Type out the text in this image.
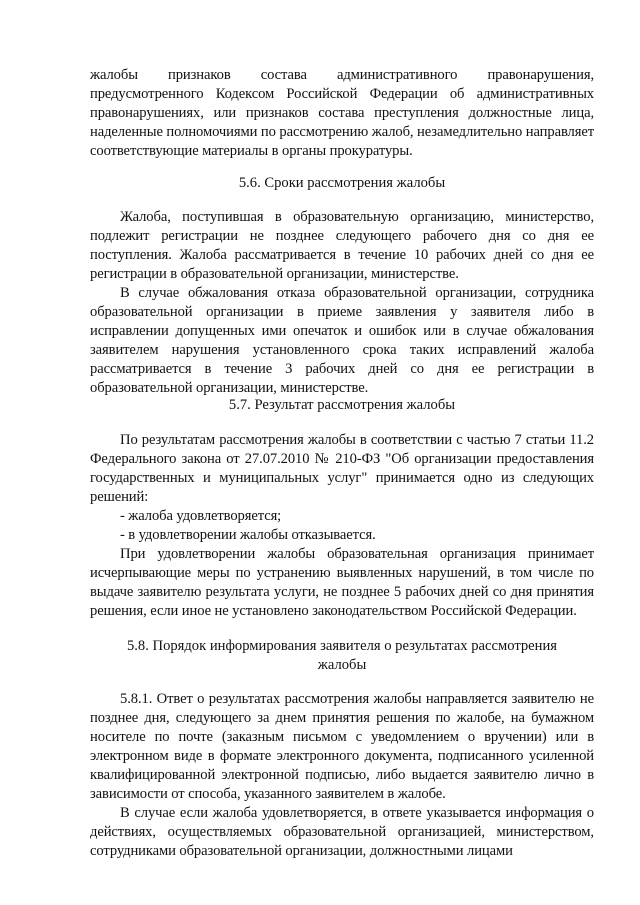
жалобы признаков состава административного правонарушения, предусмотренного Кодексом Российской Федерации об административных правонарушениях, или признаков состава преступления должностные лица, наделенные полномочиями по рассмотрению жалоб, незамедлительно направляет соответствующие материалы в органы прокуратуры.

5.6. Сроки рассмотрения жалобы

Жалоба, поступившая в образовательную организацию, министерство, подлежит регистрации не позднее следующего рабочего дня со дня ее поступления. Жалоба рассматривается в течение 10 рабочих дней со дня ее регистрации в образовательной организации, министерстве.

В случае обжалования отказа образовательной организации, сотрудника образовательной организации в приеме заявления у заявителя либо в исправлении допущенных ими опечаток и ошибок или в случае обжалования заявителем нарушения установленного срока таких исправлений жалоба рассматривается в течение 3 рабочих дней со дня ее регистрации в образовательной организации, министерстве.

5.7. Результат рассмотрения жалобы

По результатам рассмотрения жалобы в соответствии с частью 7 статьи 11.2 Федерального закона от 27.07.2010 № 210-ФЗ "Об организации предоставления государственных и муниципальных услуг" принимается одно из следующих решений:

- жалоба удовлетворяется;

- в удовлетворении жалобы отказывается.

При удовлетворении жалобы образовательная организация принимает исчерпывающие меры по устранению выявленных нарушений, в том числе по выдаче заявителю результата услуги, не позднее 5 рабочих дней со дня принятия решения, если иное не установлено законодательством Российской Федерации.

5.8. Порядок информирования заявителя о результатах рассмотрения
жалобы

5.8.1. Ответ о результатах рассмотрения жалобы направляется заявителю не позднее дня, следующего за днем принятия решения по жалобе, на бумажном носителе по почте (заказным письмом с уведомлением о вручении) или в электронном виде в формате электронного документа, подписанного усиленной квалифицированной электронной подписью, либо выдается заявителю лично в зависимости от способа, указанного заявителем в жалобе.

В случае если жалоба удовлетворяется, в ответе указывается информация о действиях, осуществляемых образовательной организацией, министерством, сотрудниками образовательной организации, должностными лицами
